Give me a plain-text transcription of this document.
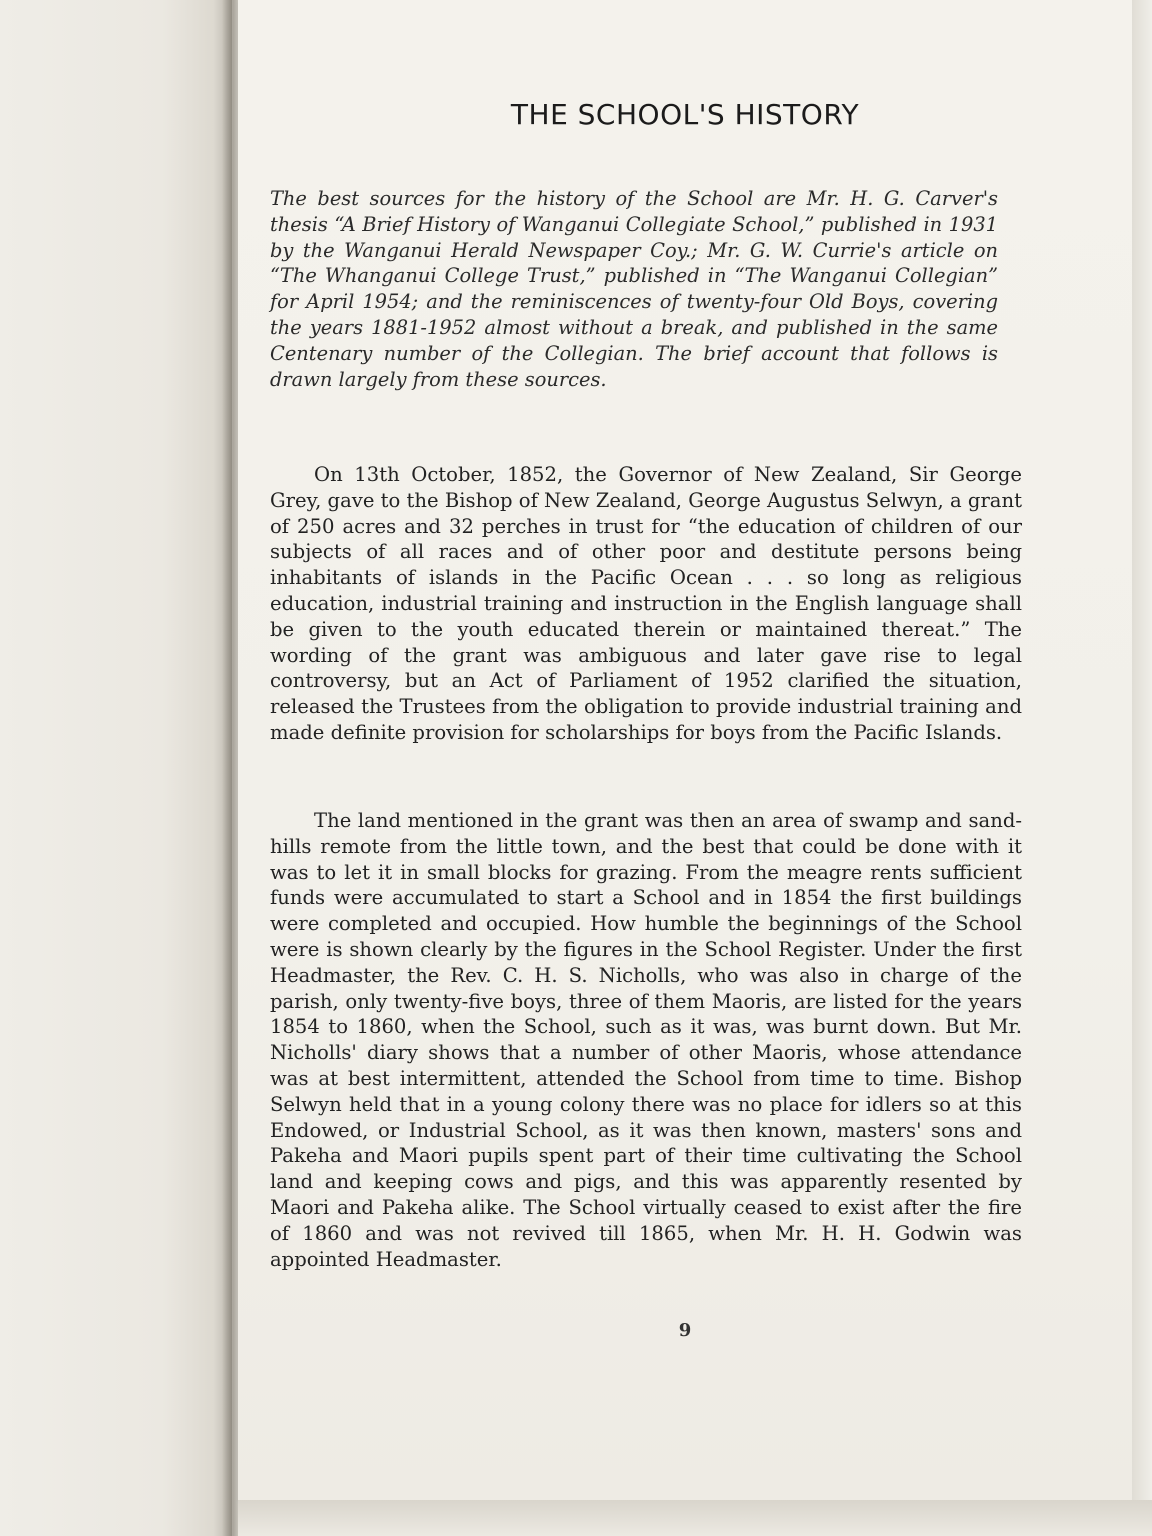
THE SCHOOL'S HISTORY
The best sources for the history of the School are Mr. H. G. Carver's thesis “A Brief History of Wanganui Collegiate School,” published in 1931 by the Wanganui Herald Newspaper Coy.; Mr. G. W. Currie's article on “The Whanganui College Trust,” published in “The Wanganui Collegian” for April 1954; and the reminiscences of twenty-four Old Boys, covering the years 1881-1952 almost without a break, and published in the same Centenary number of the Collegian. The brief account that follows is drawn largely from these sources.
On 13th October, 1852, the Governor of New Zealand, Sir George Grey, gave to the Bishop of New Zealand, George Augustus Selwyn, a grant of 250 acres and 32 perches in trust for “the education of children of our subjects of all races and of other poor and destitute persons being inhabitants of islands in the Pacific Ocean . . . so long as religious education, industrial training and instruction in the English language shall be given to the youth educated therein or maintained thereat.” The wording of the grant was ambiguous and later gave rise to legal controversy, but an Act of Parliament of 1952 clarified the situation, released the Trustees from the obligation to provide industrial training and made definite provision for scholarships for boys from the Pacific Islands.
The land mentioned in the grant was then an area of swamp and sand-hills remote from the little town, and the best that could be done with it was to let it in small blocks for grazing. From the meagre rents sufficient funds were accumulated to start a School and in 1854 the first buildings were completed and occupied. How humble the beginnings of the School were is shown clearly by the figures in the School Register. Under the first Headmaster, the Rev. C. H. S. Nicholls, who was also in charge of the parish, only twenty-five boys, three of them Maoris, are listed for the years 1854 to 1860, when the School, such as it was, was burnt down. But Mr. Nicholls' diary shows that a number of other Maoris, whose attendance was at best intermittent, attended the School from time to time. Bishop Selwyn held that in a young colony there was no place for idlers so at this Endowed, or Industrial School, as it was then known, masters' sons and Pakeha and Maori pupils spent part of their time cultivating the School land and keeping cows and pigs, and this was apparently resented by Maori and Pakeha alike. The School virtually ceased to exist after the fire of 1860 and was not revived till 1865, when Mr. H. H. Godwin was appointed Headmaster.
9
